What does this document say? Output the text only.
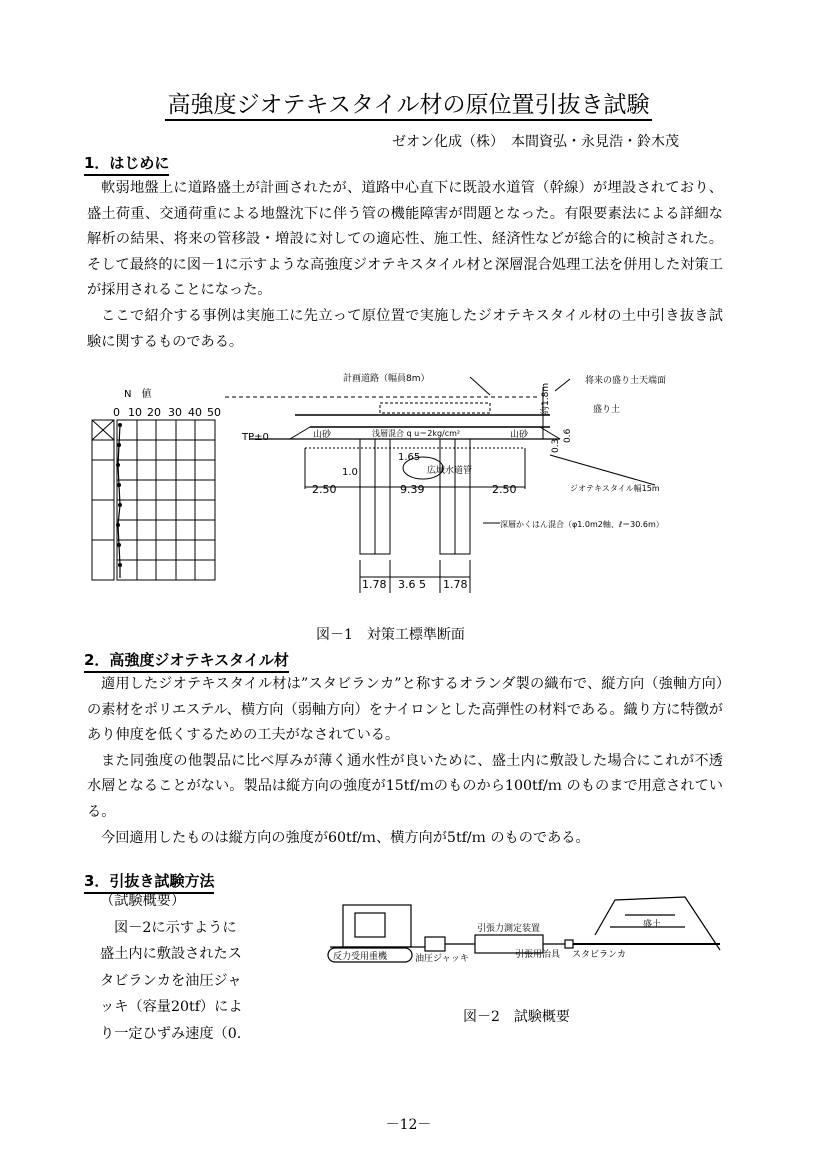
高強度ジオテキスタイル材の原位置引抜き試験
ゼオン化成（株）　本間資弘・永見浩・鈴木茂
1．はじめに

軟弱地盤上に道路盛土が計画されたが、道路中心直下に既設水道管（幹線）が埋設されており、盛土荷重、交通荷重による地盤沈下に伴う管の機能障害が問題となった。有限要素法による詳細な解析の結果、将来の管移設・増設に対しての適応性、施工性、経済性などが総合的に検討された。そして最終的に図－1に示すような高強度ジオテキスタイル材と深層混合処理工法を併用した対策工が採用されることになった。

ここで紹介する事例は実施工に先立って原位置で実施したジオテキスタイル材の土中引き抜き試験に関するものである。

N　値
0 10 20 30 40 50
計画道路（幅員8m）	将来の盛り土天端面
盛り土
TP±0	山砂	山砂
浅層混合 q u＝2kg/cm²
広域水道管
1.65
1.0
2.50	9.39	2.50
1.78 3.6 5 1.78
約1.8m
0.6
0.3
ジオテキスタイル幅15m
深層かくはん混合（φ1.0m2軸、ℓ＝30.6m）
図－1　対策工標準断面
2．高強度ジオテキスタイル材

適用したジオテキスタイル材は”スタビランカ”と称するオランダ製の織布で、縦方向（強軸方向）の素材をポリエステル、横方向（弱軸方向）をナイロンとした高弾性の材料である。織り方に特徴があり伸度を低くするための工夫がなされている。

また同強度の他製品に比べ厚みが薄く通水性が良いために、盛土内に敷設した場合にこれが不透水層となることがない。製品は縦方向の強度が15tf/ｍのものから100tf/ｍ のものまで用意されている。

今回適用したものは縦方向の強度が60tf/ｍ、横方向が5tf/ｍ のものである。

3．引抜き試験方法

（試験概要）

図－2に示すように

盛土内に敷設されたス

タビランカを油圧ジャ

ッキ（容量20tf）によ

り一定ひずみ速度（0.

反力受用重機	油圧ジャッキ
引張力測定装置
引張用治具 スタビランカ
盛土
図－2　試験概要
－12－
